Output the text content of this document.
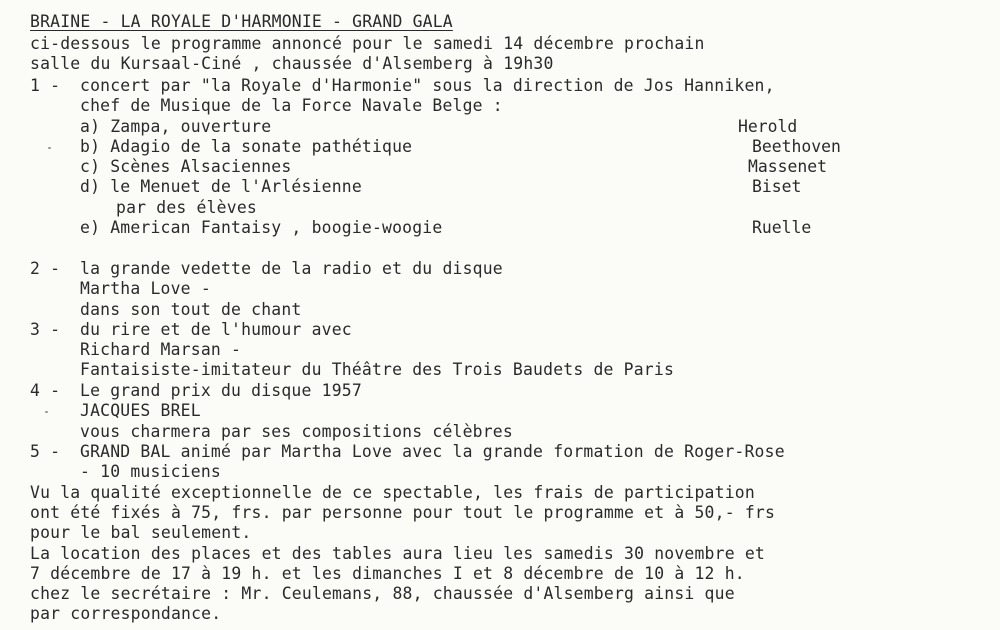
BRAINE - LA ROYALE D'HARMONIE - GRAND GALA
ci-dessous le programme annoncé pour le samedi 14 décembre prochain
salle du Kursaal-Ciné , chaussée d'Alsemberg à 19h30
1 - concert par "la Royale d'Harmonie" sous la direction de Jos Hanniken,
chef de Musique de la Force Navale Belge :
a) Zampa, ouverture	Herold
b) Adagio de la sonate pathétique	Beethoven
c) Scènes Alsaciennes	Massenet
d) le Menuet de l'Arlésienne	Biset
par des élèves
e) American Fantaisy , boogie-woogie	Ruelle
2 - la grande vedette de la radio et du disque
Martha Love -
dans son tout de chant
3 - du rire et de l'humour avec
Richard Marsan -
Fantaisiste-imitateur du Théâtre des Trois Baudets de Paris
4 - Le grand prix du disque 1957
JACQUES BREL
vous charmera par ses compositions célèbres
5 - GRAND BAL animé par Martha Love avec la grande formation de Roger-Rose
- 10 musiciens
Vu la qualité exceptionnelle de ce spectable, les frais de participation
ont été fixés à 75, frs. par personne pour tout le programme et à 50,- frs
pour le bal seulement.
La location des places et des tables aura lieu les samedis 30 novembre et
7 décembre de 17 à 19 h. et les dimanches I et 8 décembre de 10 à 12 h.
chez le secrétaire : Mr. Ceulemans, 88, chaussée d'Alsemberg ainsi que
par correspondance.
